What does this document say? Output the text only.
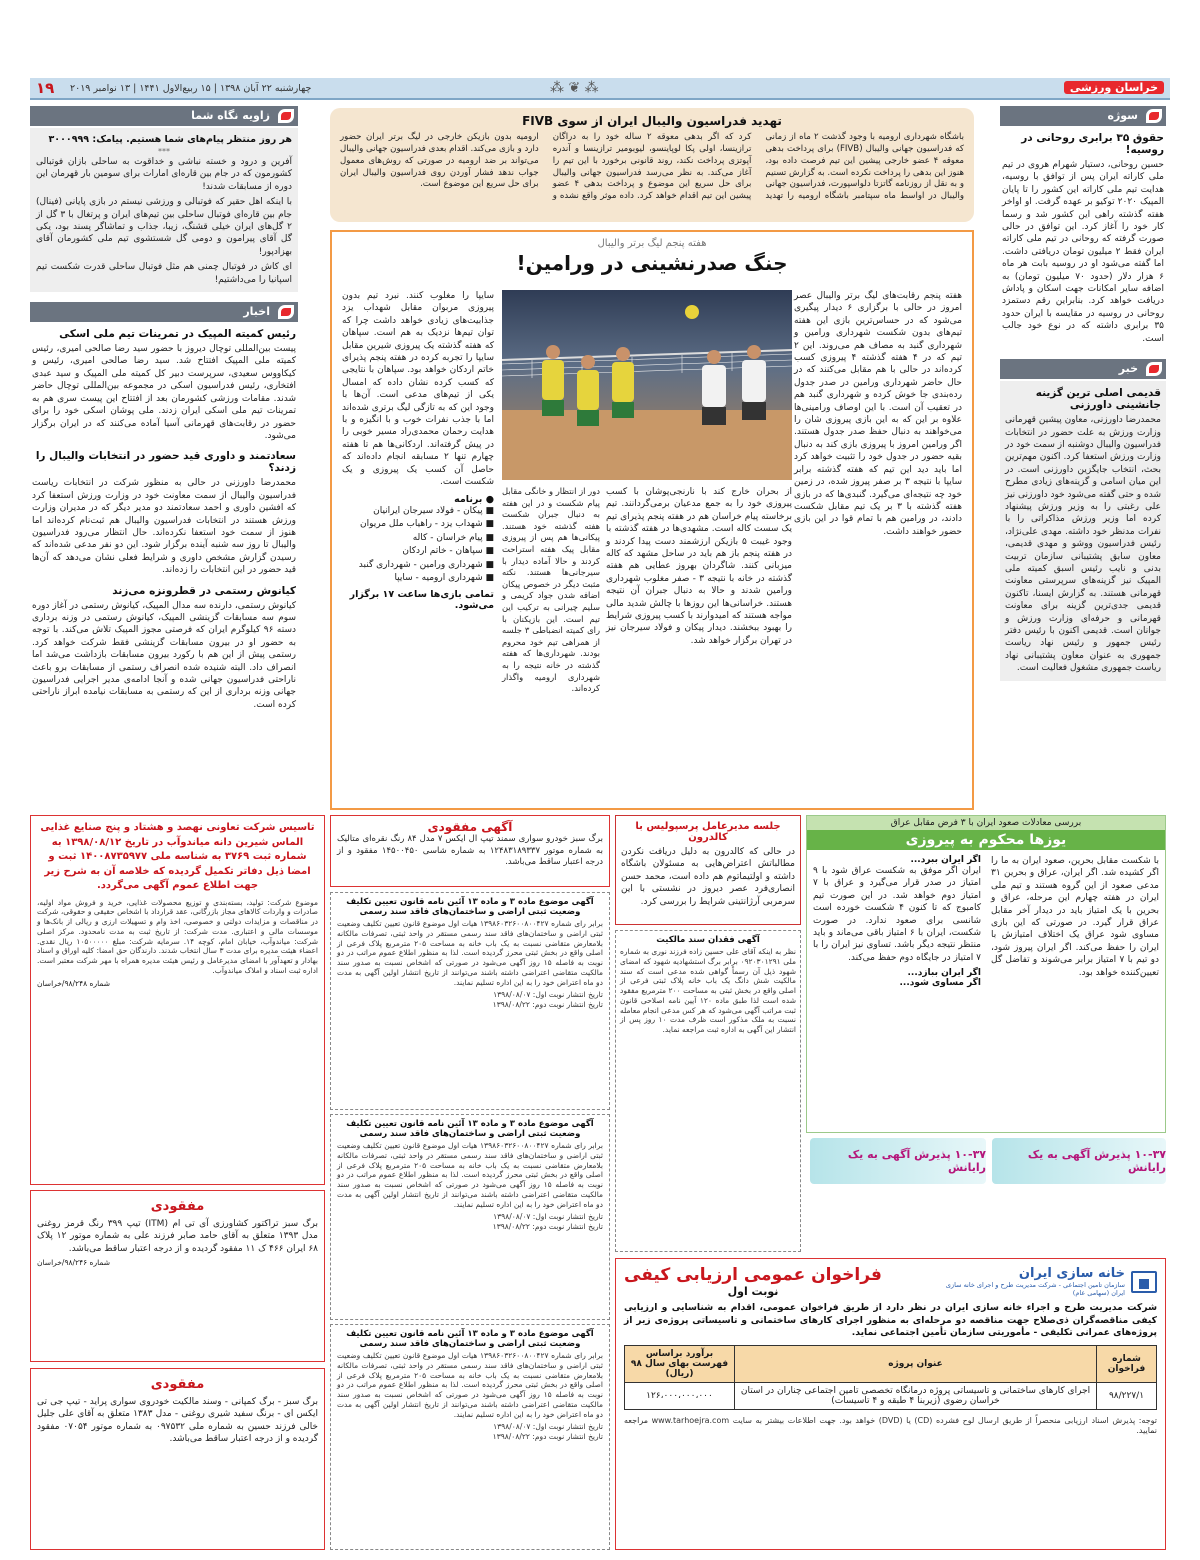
۱۹ چهارشنبه ۲۲ آبان ۱۳۹۸ | ۱۵ ربیع‌الاول ۱۴۴۱ | ۱۳ نوامبر ۲۰۱۹	⁂ ❦ ⁂	خراسان ورزشی
زاویه نگاه شما
هر روز منتظر پیام‌های شما هستیم. پیامک: ۳۰۰۰۹۹۹
***

آفرین و درود و خسته نباشی و خداقوت به ساحلی بازان فوتبالی کشورمون که در جام بین قاره‌ای امارات برای سومین بار قهرمان این دوره از مسابقات شدند!

با اینکه اهل حقیر که فوتبالی و ورزشی نیستم در بازی پایانی (فینال) جام بین قاره‌ای فوتبال ساحلی بین تیم‌های ایران و پرتغال با ۳ گل از ۲ گل‌های ایران خیلی قشنگ، زیبا، جذاب و تماشاگر پسند بود، یکی گل آقای پیرامون و دومی گل شستشوی تیم ملی کشورمان آقای بهزادپور!

ای کاش در فوتبال چمنی هم مثل فوتبال ساحلی قدرت شکست تیم اسپانیا را می‌داشتیم!

اخبار
رئیس کمیته المپیک در تمرینات تیم ملی اسکی

پیست بین‌المللی توچال دیروز با حضور سید رضا صالحی امیری، رئیس کمیته ملی المپیک افتتاح شد. سید رضا صالحی امیری، رئیس و کیکاووس سعیدی، سرپرست دبیر کل کمیته ملی المپیک و سید عبدی افتخاری، رئیس فدراسیون اسکی در مجموعه بین‌المللی توچال حاضر شدند. مقامات ورزشی کشورمان بعد از افتتاح این پیست سری هم به تمرینات تیم ملی اسکی ایران زدند. ملی پوشان اسکی خود را برای حضور در رقابت‌های قهرمانی آسیا آماده می‌کنند که در ایران برگزار می‌شود.

سعادتمند و داوری قید حضور در انتخابات والیبال را زدند؟

محمدرضا داورزنی در حالی به منظور شرکت در انتخابات ریاست فدراسیون والیبال از سمت معاونت خود در وزارت ورزش استعفا کرد که افشین داوری و احمد سعادتمند دو مدیر دیگر که در مدیران وزارت ورزش هستند در انتخابات فدراسیون والیبال هم ثبت‌نام کرده‌اند اما هنوز از سمت خود استعفا نکرده‌اند. حال انتظار می‌رود فدراسیون والیبال تا روز سه شنبه آینده برگزار شود. این دو نفر مدعی شده‌اند که رسیدن گزارش مشخص داوری و شرایط فعلی نشان می‌دهد که آن‌ها قید حضور در این انتخابات را زده‌اند.

کیانوش رستمی در قطرونزه می‌زند

کیانوش رستمی، دارنده سه مدال المپیک، کیانوش رستمی در آغاز دوره سوم سه مسابقات گزینشی المپیک، کیانوش رستمی در وزنه برداری دسته ۹۶ کیلوگرم ایران که فرصتی مجوز المپیک تلاش می‌کند. با توجه به حضور او در بیرون مسابقات گزینشی فقط شرکت خواهد کرد. رستمی پیش از این هم با رکورد بیرون مسابقات بازداشت می‌شد اما انصراف داد. البته شنیده شده انصراف رستمی از مسابقات برو باعث ناراحتی فدراسیون جهانی شده و آنجا ادامه‌ی مدیر اجرایی فدراسیون جهانی وزنه برداری از این که رستمی به مسابقات نیامده ابراز ناراحتی کرده است.

تهدید فدراسیون والیبال ایران از سوی FIVB

باشگاه شهرداری ارومیه با وجود گذشت ۲ ماه از زمانی که فدراسیون جهانی والیبال (FIVB) برای پرداخت بدهی معوقه ۴ عضو خارجی پیشین این تیم فرصت داده بود، هنوز این بدهی را پرداخت نکرده است. به گزارش تسنیم و به نقل از روزنامه گاتزتا دلواسپورت، فدراسیون جهانی والیبال در اواسط ماه سپتامبر باشگاه ارومیه را تهدید کرد که اگر بدهی معوقه ۲ ساله خود را به دراگان ترازینسا، اولی پکا لوپاینسو، لیوبومیر ترازینسا و آندره آپوتزی پرداخت نکند، روند قانونی برخورد با این تیم را آغاز می‌کند. به نظر می‌رسد فدراسیون جهانی والیبال برای حل سریع این موضوع و پرداخت بدهی ۴ عضو پیشین این تیم اقدام خواهد کرد. داده موثر واقع نشده و ارومیه بدون بازیکن خارجی در لیگ برتر ایران حضور دارد و بازی می‌کند. اقدام بعدی فدراسیون جهانی والیبال می‌تواند بر ضد ارومیه در صورتی که روش‌های معمول جواب ندهد فشار آوردن روی فدراسیون والیبال ایران برای حل سریع این موضوع است.

هفته پنجم لیگ برتر والیبال
جنگ صدرنشینی در ورامین!

هفته پنجم رقابت‌های لیگ برتر والیبال عصر امروز در حالی با برگزاری ۶ دیدار پیگیری می‌شود که در حساس‌ترین بازی این هفته تیم‌های بدون شکست شهرداری ورامین و شهرداری گنبد به مصاف هم می‌روند. این ۲ تیم که در ۴ هفته گذشته ۴ پیروزی کسب کرده‌اند در حالی با هم مقابل می‌کنند که در حال حاضر شهرداری ورامین در صدر جدول رده‌بندی جا خوش کرده و شهرداری گنبد هم در تعقیب آن است. با این اوصاف ورامینی‌ها علاوه بر این که به این بازی پیروزی شان را می‌خواهند به دنبال حفظ صدر جدول هستند. اگر ورامین امروز با پیروزی بازی کند به دنبال بقیه حضور در جدول خود را تثبیت خواهد کرد اما باید دید این تیم که هفته گذشته برابر سایپا با نتیجه ۳ بر صفر پیروز شده، در زمین خود چه نتیجه‌ای می‌گیرد. گنبدی‌ها که در بازی هفته گذشته با ۳ بر یک تیم مقابل شکست دادند، در ورامین هم با تمام قوا در این بازی حضور خواهند داشت.

از بحران خارج کند با نارنجی‌پوشان با کسب پیروزی خود را به جمع مدعیان برمی‌گردانند. تیم برخاسته پیام خراسان هم در هفته پنجم پذیرای تیم یک سست کاله است. مشهدی‌ها در هفته گذشته با وجود غیبت ۵ بازیکن ارزشمند دست پیدا کردند و در هفته پنجم باز هم باید در ساحل مشهد که کاله میزبانی کنند. شاگردان بهروز عطایی هم هفته گذشته در خانه با نتیجه ۳ - صفر مغلوب شهرداری ورامین شدند و حالا به دنبال جبران آن نتیجه هستند. خراسانی‌ها این روزها با چالش شدید مالی مواجه هستند که امیدوارند با کسب پیروزی شرایط را بهبود ببخشند. دیدار پیکان و فولاد سیرجان نیز در تهران برگزار خواهد شد.

دور از انتظار و خانگی مقابل پیام شکست و در این هفته به دنبال جبران شکست هفته گذشته خود هستند. پیکانی‌ها هم پس از پیروزی مقابل پیک هفته استراحت کردند و حالا آماده دیدار با سیرجانی‌ها هستند. نکته مثبت دیگر در خصوص پیکان اضافه شدن جواد کریمی و سلیم چیرانی به ترکیب این تیم است. این بازیکنان با رای کمیته انضباطی ۳ جلسه از همراهی تیم خود محروم بودند. شهرداری‌ها که هفته گذشته در خانه نتیجه را به شهرداری ارومیه واگذار کرده‌اند.

سایپا را مغلوب کنند. نبرد تیم بدون پیروزی مربوان مقابل شهداب یزد جذابیت‌های زیادی خواهد داشت چرا که توان تیم‌ها نزدیک به هم است. سپاهان که هفته گذشته یک پیروزی شیرین مقابل سایپا را تجربه کرده در هفته پنجم پذیرای خاتم اردکان خواهد بود. سپاهان با نتایجی که کسب کرده نشان داده که امسال یکی از تیم‌های مدعی است. آن‌ها با وجود این که به تازگی لیگ برتری شده‌اند اما با جذب نفرات خوب و با انگیزه و با هدایت رحمان محمدی‌راد مسیر خوبی را در پیش گرفته‌اند. اردکانی‌ها هم تا هفته چهارم تنها ۲ مسابقه انجام داده‌اند که حاصل آن کسب یک پیروزی و یک شکست است.

● برنامه
■ پیکان - فولاد سیرجان ایرانیان
■ شهداب یزد - راهیاب ملل مریوان
■ پیام خراسان - کاله
■ سپاهان - خاتم اردکان
■ شهرداری ورامین - شهرداری گنبد
■ شهرداری ارومیه - سایپا
تمامی بازی‌ها ساعت ۱۷ برگزار می‌شود.
سوژه
حقوق ۳۵ برابری روحانی در روسیه!

حسین روحانی، دستیار شهرام هروی در تیم ملی کاراته ایران پس از توافق با روسیه، هدایت تیم ملی کاراته این کشور را تا پایان المپیک ۲۰۲۰ توکیو بر عهده گرفت. او اواخر هفته گذشته راهی این کشور شد و رسما کار خود را آغاز کرد. این توافق در حالی صورت گرفته که روحانی در تیم ملی کاراته ایران فقط ۲ میلیون تومان دریافتی داشت. اما گفته می‌شود او در روسیه بابت هر ماه ۶ هزار دلار (حدود ۷۰ میلیون تومان) به اضافه سایر امکانات جهت اسکان و پاداش دریافت خواهد کرد. بنابراین رقم دستمزد روحانی در روسیه در مقایسه با ایران حدود ۳۵ برابری داشته که در نوع خود جالب است.

خبر
قدیمی اصلی ترین گزینه جانشینی داورزنی

محمدرضا داورزنی، معاون پیشین قهرمانی وزارت ورزش به علت حضور در انتخابات فدراسیون والیبال دوشنبه از سمت خود در وزارت ورزش استعفا کرد. اکنون مهم‌ترین بحث، انتخاب جایگزین داورزنی است. در این میان اسامی و گزینه‌های زیادی مطرح شده و حتی گفته می‌شود خود داورزنی نیز علی رغبتی را به وزیر ورزش پیشنهاد کرده اما وزیر ورزش مذاکراتی را با نفرات مدنظر خود داشته. مهدی علی‌نژاد، رئیس فدراسیون ووشو و مهدی قدیمی، معاون سابق پشتیبانی سازمان تربیت بدنی و نایب رئیس اسبق کمیته ملی المپیک نیز گزینه‌های سرپرستی معاونت قهرمانی هستند. به گزارش ایسنا، تاکنون قدیمی جدی‌ترین گزینه برای معاونت قهرمانی و حرفه‌ای وزارت ورزش و جوانان است. قدیمی اکنون با رئیس دفتر رئیس جمهور و رئیس نهاد ریاست جمهوری به عنوان معاون پشتیبانی نهاد ریاست جمهوری مشغول فعالیت است.

بررسی معادلات صعود ایران با ۳ فرض مقابل عراق
یوزها محکوم به پیروزی

با شکست مقابل بحرین، صعود ایران به ما را اگر کشیده شد. اگر ایران، عراق و بحرین ۳۱ مدعی صعود از این گروه هستند و تیم ملی ایران در هفته چهارم این مرحله، عراق و بحرین با یک امتیاز باید در دیدار آخر مقابل عراق قرار گیرد. در صورتی که این بازی مساوی شود عراق یک اختلاف امتیازش با ایران را حفظ می‌کند. اگر ایران پیروز شود، دو تیم با ۷ امتیاز برابر می‌شوند و تفاضل گل تعیین‌کننده خواهد بود.

اگر ایران ببرد...

ایران اگر موفق به شکست عراق شود با ۹ امتیاز در صدر قرار می‌گیرد و عراق با ۷ امتیاز دوم خواهد شد. در این صورت تیم کامبوج که تا کنون ۴ شکست خورده است شانسی برای صعود ندارد. در صورت شکست، ایران با ۶ امتیاز باقی می‌ماند و باید منتظر نتیجه دیگر باشد. تساوی نیز ایران را با ۷ امتیاز در جایگاه دوم حفظ می‌کند.

اگر ایران ببازد...
اگر مساوی شود...
جلسه مدیرعامل پرسپولیس با کالدرون

در حالی که کالدرون به دلیل دریافت نکردن مطالباتش اعتراض‌هایی به مسئولان باشگاه داشته و اولتیماتوم هم داده است، محمد حسن انصاری‌فرد عصر دیروز در نشستی با این سرمربی آرژانتینی شرایط را بررسی کرد.

آگهی فقدان سند مالکیت

نظر به اینکه آقای علی حسین زاده فرزند نوری به شماره ملی ۰۹۲۰۳۰۱۲۹۱ برابر برگ استشهادیه شهود که امضای شهود ذیل آن رسماً گواهی شده مدعی است که سند مالکیت شش دانگ یک باب خانه پلاک ثبتی فرعی از اصلی واقع در بخش ثبتی به مساحت ۲۰۰ مترمربع مفقود شده است لذا طبق ماده ۱۲۰ آیین نامه اصلاحی قانون ثبت مراتب آگهی می‌شود که هر کس مدعی انجام معامله نسبت به ملک مذکور است ظرف مدت ۱۰ روز پس از انتشار این آگهی به اداره ثبت مراجعه نماید.

۱۰-۳۷ پذیرش آگهی به یک رایانش
۱۰-۳۷ پذیرش آگهی به یک رایانش
خانه سازی ایران
سازمان تامین اجتماعی - شرکت مدیریت طرح و اجرای خانه سازی ایران (سهامی عام)
فراخوان عمومی ارزیابی کیفی
نوبت اول

شرکت مدیریت طرح و اجراء خانه سازی ایران در نظر دارد از طریق فراخوان عمومی، اقدام به شناسایی و ارزیابی کیفی مناقصه‌گران ذی‌صلاح جهت مناقصه دو مرحله‌ای به منظور اجرای کارهای ساختمانی و تاسیساتی پروژه‌ی زیر از پروژه‌های عمرانی تکلیفی - مأموریتی سازمان تأمین اجتماعی نماید.

شماره فراخوان	عنوان پروژه	برآورد براساس فهرست بهای سال ۹۸ (ریال)
۹۸/۲۲۷/۱	اجرای کارهای ساختمانی و تاسیساتی پروژه درمانگاه تخصصی تامین اجتماعی چناران در استان خراسان رضوی (زیربنا ۴ طبقه و ۴ تاسیسات)	۱۲۶،۰۰۰،۰۰۰،۰۰۰

توجه: پذیرش اسناد ارزیابی منحصراً از طریق ارسال لوح فشرده (CD) یا (DVD) خواهد بود. جهت اطلاعات بیشتر به سایت www.tarhoejra.com مراجعه نمایید.

آگهی مفقودی

برگ سبز خودرو سواری سمند تیپ ال ایکس ۷ مدل ۸۴ رنگ نقره‌ای متالیک به شماره موتور ۱۲۴۸۳۱۸۹۳۳۷ به شماره شاسی ۱۴۵۰۰۴۵۰ مفقود و از درجه اعتبار ساقط می‌باشد.

آگهی موضوع ماده ۳ و ماده ۱۳ آئین نامه قانون تعیین تکلیف وضعیت ثبتی اراضی و ساختمان‌های فاقد سند رسمی

برابر رای شماره ۱۳۹۸۶۰۳۲۶۰۰۸۰۰۴۲۷ هیات اول موضوع قانون تعیین تکلیف وضعیت ثبتی اراضی و ساختمان‌های فاقد سند رسمی مستقر در واحد ثبتی، تصرفات مالکانه بلامعارض متقاضی نسبت به یک باب خانه به مساحت ۲۰۵ مترمربع پلاک فرعی از اصلی واقع در بخش ثبتی محرز گردیده است. لذا به منظور اطلاع عموم مراتب در دو نوبت به فاصله ۱۵ روز آگهی می‌شود در صورتی که اشخاص نسبت به صدور سند مالکیت متقاضی اعتراضی داشته باشند می‌توانند از تاریخ انتشار اولین آگهی به مدت دو ماه اعتراض خود را به این اداره تسلیم نمایند.

تاریخ انتشار نوبت اول: ۱۳۹۸/۰۸/۰۷

تاریخ انتشار نوبت دوم: ۱۳۹۸/۰۸/۲۲

آگهی موضوع ماده ۳ و ماده ۱۳ آئین نامه قانون تعیین تکلیف وضعیت ثبتی اراضی و ساختمان‌های فاقد سند رسمی

برابر رای شماره ۱۳۹۸۶۰۳۲۶۰۰۸۰۰۴۲۷ هیات اول موضوع قانون تعیین تکلیف وضعیت ثبتی اراضی و ساختمان‌های فاقد سند رسمی مستقر در واحد ثبتی، تصرفات مالکانه بلامعارض متقاضی نسبت به یک باب خانه به مساحت ۲۰۵ مترمربع پلاک فرعی از اصلی واقع در بخش ثبتی محرز گردیده است. لذا به منظور اطلاع عموم مراتب در دو نوبت به فاصله ۱۵ روز آگهی می‌شود در صورتی که اشخاص نسبت به صدور سند مالکیت متقاضی اعتراضی داشته باشند می‌توانند از تاریخ انتشار اولین آگهی به مدت دو ماه اعتراض خود را به این اداره تسلیم نمایند.

تاریخ انتشار نوبت اول: ۱۳۹۸/۰۸/۰۷

تاریخ انتشار نوبت دوم: ۱۳۹۸/۰۸/۲۲

آگهی موضوع ماده ۳ و ماده ۱۳ آئین نامه قانون تعیین تکلیف وضعیت ثبتی اراضی و ساختمان‌های فاقد سند رسمی

برابر رای شماره ۱۳۹۸۶۰۳۲۶۰۰۸۰۰۴۲۷ هیات اول موضوع قانون تعیین تکلیف وضعیت ثبتی اراضی و ساختمان‌های فاقد سند رسمی مستقر در واحد ثبتی، تصرفات مالکانه بلامعارض متقاضی نسبت به یک باب خانه به مساحت ۲۰۵ مترمربع پلاک فرعی از اصلی واقع در بخش ثبتی محرز گردیده است. لذا به منظور اطلاع عموم مراتب در دو نوبت به فاصله ۱۵ روز آگهی می‌شود در صورتی که اشخاص نسبت به صدور سند مالکیت متقاضی اعتراضی داشته باشند می‌توانند از تاریخ انتشار اولین آگهی به مدت دو ماه اعتراض خود را به این اداره تسلیم نمایند.

تاریخ انتشار نوبت اول: ۱۳۹۸/۰۸/۰۷

تاریخ انتشار نوبت دوم: ۱۳۹۸/۰۸/۲۲

تاسیس شرکت تعاونی نهصد و هشتاد و پنج صنایع غذایی الماس شیرین دانه میاندوآب در تاریخ ۱۳۹۸/۰۸/۱۲ به شماره ثبت ۳۷۶۹ به شناسه ملی ۱۴۰۰۸۷۳۵۹۷۷ ثبت و امضا ذیل دفاتر تکمیل گردیده که خلاصه آن به شرح زیر جهت اطلاع عموم آگهی می‌گردد.

موضوع شرکت: تولید، بسته‌بندی و توزیع محصولات غذایی، خرید و فروش مواد اولیه، صادرات و واردات کالاهای مجاز بازرگانی، عقد قرارداد با اشخاص حقیقی و حقوقی، شرکت در مناقصات و مزایدات دولتی و خصوصی، اخذ وام و تسهیلات ارزی و ریالی از بانک‌ها و موسسات مالی و اعتباری. مدت شرکت: از تاریخ ثبت به مدت نامحدود. مرکز اصلی شرکت: میاندوآب، خیابان امام، کوچه ۱۴. سرمایه شرکت: مبلغ ۱۰۵۰۰۰۰۰ ریال نقدی. اعضاء هیئت مدیره برای مدت ۳ سال انتخاب شدند. دارندگان حق امضا: کلیه اوراق و اسناد بهادار و تعهدآور با امضای مدیرعامل و رئیس هیئت مدیره همراه با مهر شرکت معتبر است. اداره ثبت اسناد و املاک میاندوآب.

شماره ۹۸/۲۴۸/خراسان
مفقودی

برگ سبز تراکتور کشاورزی آی تی ام (ITM) تیپ ۳۹۹ رنگ قرمز روغنی مدل ۱۳۹۳ متعلق به آقای حامد صابر فرزند علی به شماره موتور ۱۲ پلاک ۶۸ ایران ۴۶۶ ک ۱۱ مفقود گردیده و از درجه اعتبار ساقط می‌باشد.

شماره ۹۸/۲۴۶/خراسان
مفقودی

برگ سبز - برگ کمپانی - وسند مالکیت خودروی سواری پراید - تیپ جی تی ایکس ای - برنگ سفید شیری روغنی - مدل ۱۳۸۳ متعلق به آقای علی جلیل خالی فرزند حسین به شماره ملی ۰۹۷۵۳۲ به شماره موتور ۰۷۰۵۴ مفقود گردیده و از درجه اعتبار ساقط می‌باشد.
